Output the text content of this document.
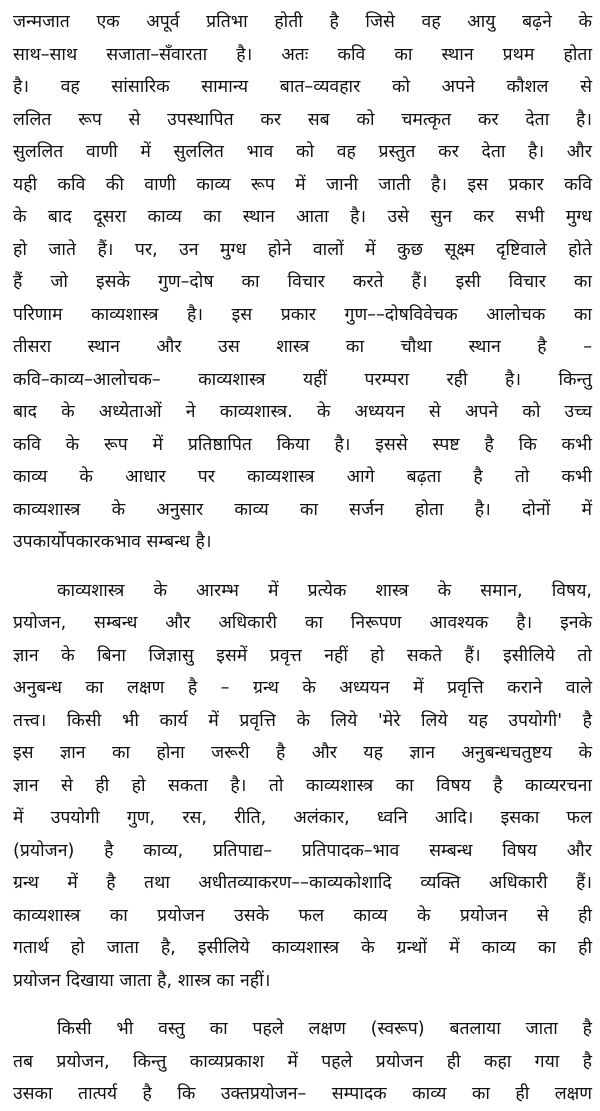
जन्मजात एक अपूर्व प्रतिभा होती है जिसे वह आयु बढ़ने के
साथ–साथ सजाता–सँवारता है। अतः कवि का स्थान प्रथम होता
है। वह सांसारिक सामान्य बात–व्यवहार को अपने कौशल से
ललित रूप से उपस्थापित कर सब को चमत्कृत कर देता है।
सुललित वाणी में सुललित भाव को वह प्रस्तुत कर देता है। और
यही कवि की वाणी काव्य रूप में जानी जाती है। इस प्रकार कवि
के बाद दूसरा काव्य का स्थान आता है। उसे सुन कर सभी मुग्ध
हो जाते हैं। पर, उन मुग्ध होने वालों में कुछ सूक्ष्म दृष्टिवाले होते
हैं जो इसके गुण–दोष का विचार करते हैं। इसी विचार का
परिणाम काव्यशास्त्र है। इस प्रकार गुण––दोषविवेचक आलोचक का
तीसरा स्थान और उस शास्त्र का चौथा स्थान है –
कवि–काव्य–आलोचक– काव्यशास्त्र यहीं परम्परा रही है। किन्तु
बाद के अध्येताओं ने काव्यशास्त्र. के अध्ययन से अपने को उच्च
कवि के रूप में प्रतिष्ठापित किया है। इससे स्पष्ट है कि कभी
काव्य के आधार पर काव्यशास्त्र आगे बढ़ता है तो कभी
काव्यशास्त्र के अनुसार काव्य का सर्जन होता है। दोनों में
उपकार्योपकारकभाव सम्बन्ध है।
काव्यशास्त्र के आरम्भ में प्रत्येक शास्त्र के समान, विषय,
प्रयोजन, सम्बन्ध और अधिकारी का निरूपण आवश्यक है। इनके
ज्ञान के बिना जिज्ञासु इसमें प्रवृत्त नहीं हो सकते हैं। इसीलिये तो
अनुबन्ध का लक्षण है – ग्रन्थ के अध्ययन में प्रवृत्ति कराने वाले
तत्त्व। किसी भी कार्य में प्रवृत्ति के लिये 'मेरे लिये यह उपयोगी' है
इस ज्ञान का होना जरूरी है और यह ज्ञान अनुबन्धचतुष्टय के
ज्ञान से ही हो सकता है। तो काव्यशास्त्र का विषय है काव्यरचना
में उपयोगी गुण, रस, रीति, अलंकार, ध्वनि आदि। इसका फल
(प्रयोजन) है काव्य, प्रतिपाद्य– प्रतिपादक–भाव सम्बन्ध विषय और
ग्रन्थ में है तथा अधीतव्याकरण––काव्यकोशादि व्यक्ति अधिकारी हैं।
काव्यशास्त्र का प्रयोजन उसके फल काव्य के प्रयोजन से ही
गतार्थ हो जाता है, इसीलिये काव्यशास्त्र के ग्रन्थों में काव्य का ही
प्रयोजन दिखाया जाता है, शास्त्र का नहीं।
किसी भी वस्तु का पहले लक्षण (स्वरूप) बतलाया जाता है
तब प्रयोजन, किन्तु काव्यप्रकाश में पहले प्रयोजन ही कहा गया है
उसका तात्पर्य है कि उक्तप्रयोजन– सम्पादक काव्य का ही लक्षण
